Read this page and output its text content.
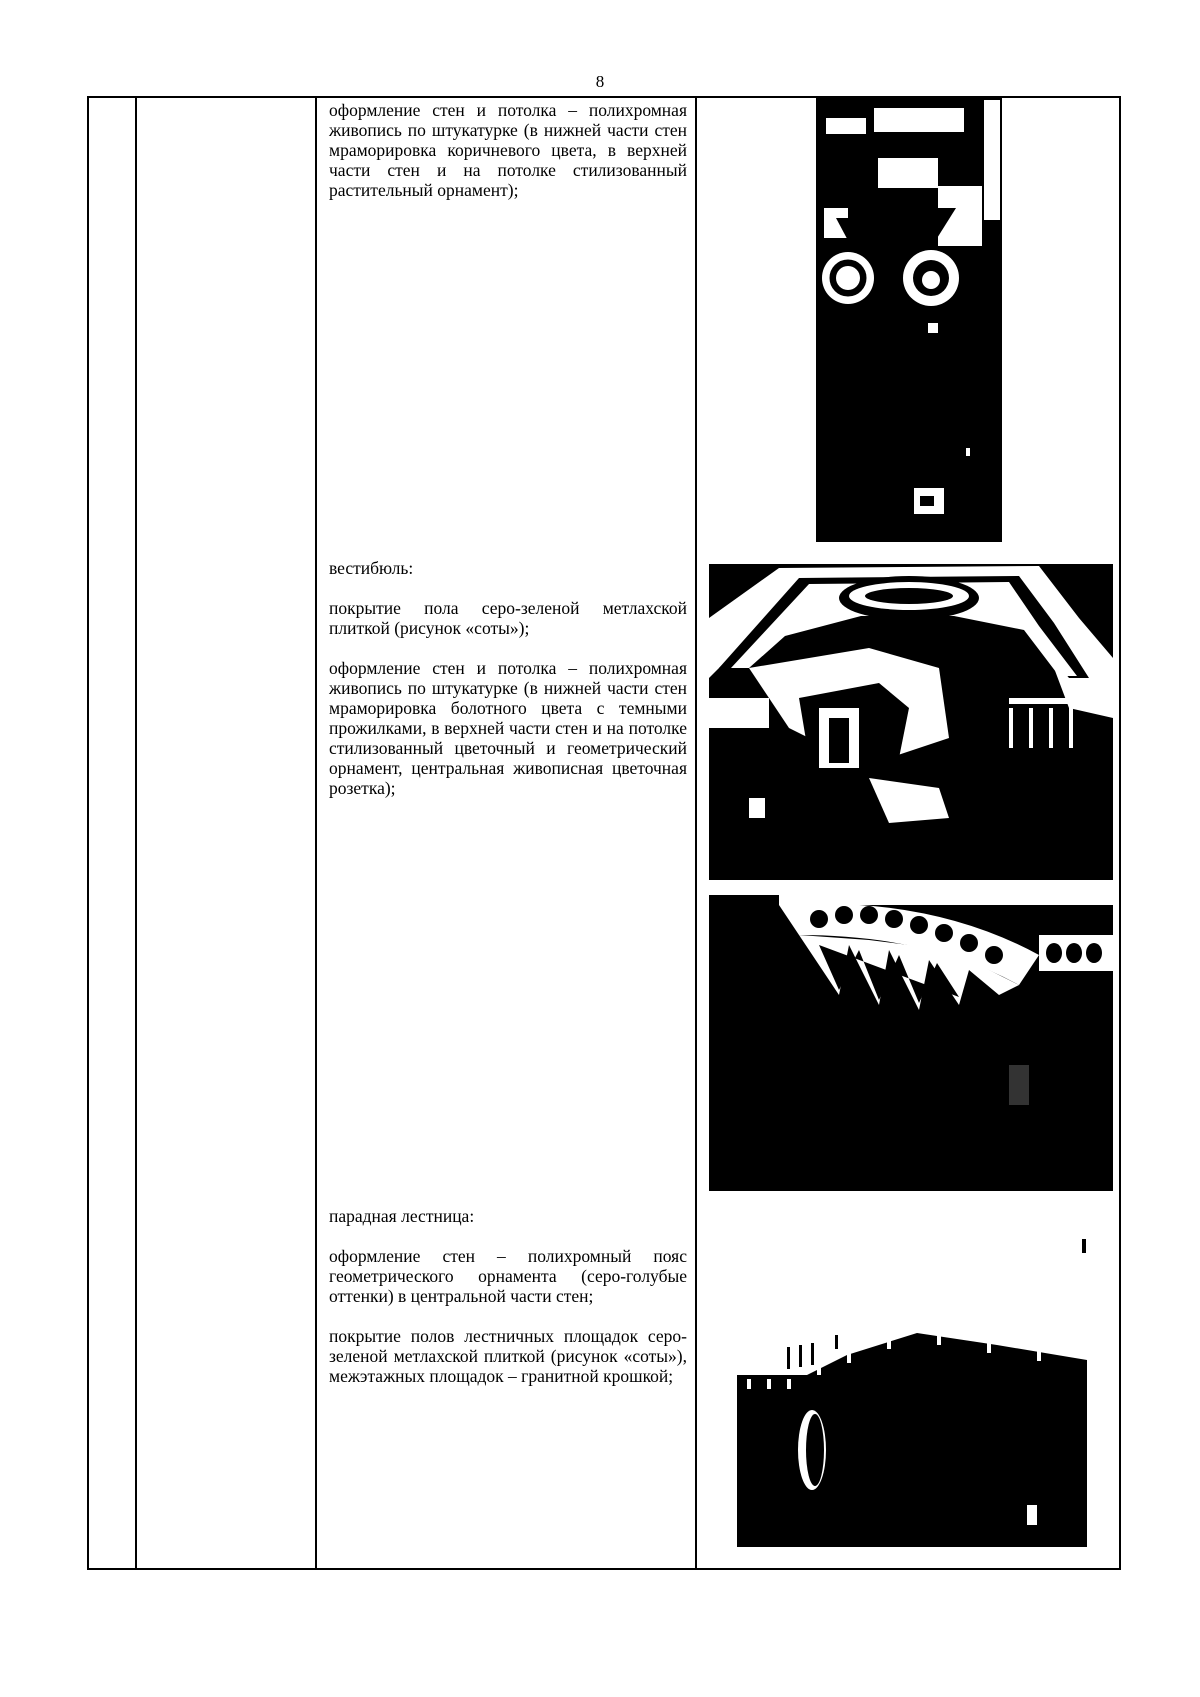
8

оформление стен и потолка – полихромная живопись по штукатурке (в нижней части стен мраморировка коричневого цвета, в верхней части стен и на потолке стилизованный растительный орнамент);

вестибюль:

покрытие пола серо-зеленой метлахской плиткой (рисунок «соты»);

оформление стен и потолка – полихромная живопись по штукатурке (в нижней части стен мраморировка болотного цвета с темными прожилками, в верхней части стен и на потолке стилизованный цветочный и геометрический орнамент, центральная живописная цветочная розетка);

парадная лестница:

оформление стен – полихромный пояс геометрического орнамента (серо-голубые оттенки) в центральной части стен;

покрытие полов лестничных площадок серо-зеленой метлахской плиткой (рисунок «соты»), межэтажных площадок – гранитной крошкой;
